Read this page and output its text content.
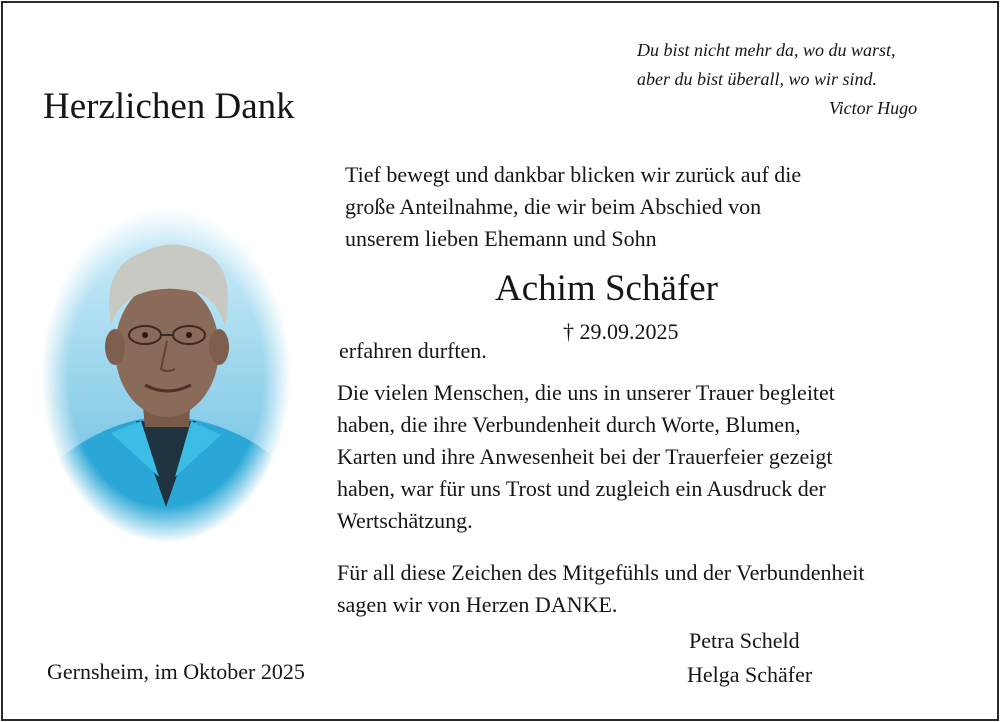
Du bist nicht mehr da, wo du warst,
aber du bist überall, wo wir sind.
Victor Hugo
Herzlichen Dank
Tief bewegt und dankbar blicken wir zurück auf die
große Anteilnahme, die wir beim Abschied von
unserem lieben Ehemann und Sohn
Achim Schäfer
† 29.09.2025
erfahren durften.
Die vielen Menschen, die uns in unserer Trauer begleitet
haben, die ihre Verbundenheit durch Worte, Blumen,
Karten und ihre Anwesenheit bei der Trauerfeier gezeigt
haben, war für uns Trost und zugleich ein Ausdruck der
Wertschätzung.
Für all diese Zeichen des Mitgefühls und der Verbundenheit
sagen wir von Herzen DANKE.
Petra Scheld
Helga Schäfer
Gernsheim, im Oktober 2025
